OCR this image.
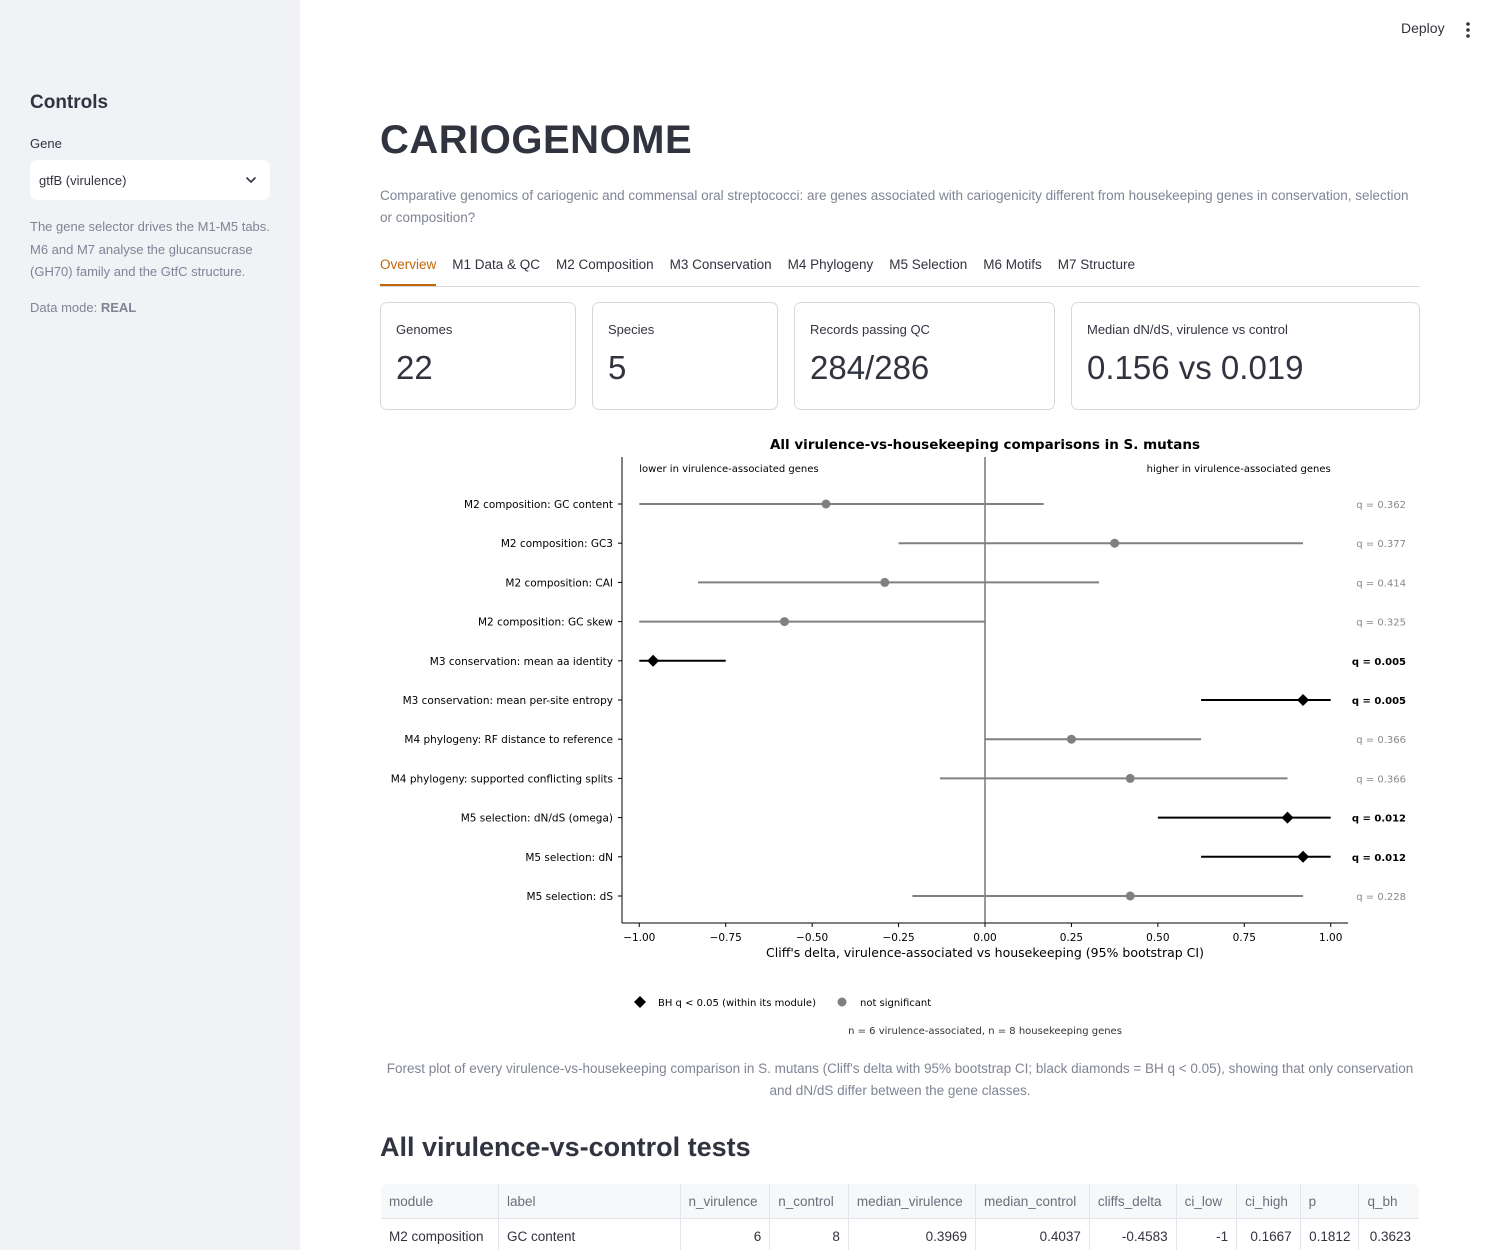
Controls
Gene
gtfB (virulence)
The gene selector drives the M1-M5 tabs. M6 and M7 analyse the glucansucrase (GH70) family and the GtfC structure.
Data mode: REAL
Deploy
CARIOGENOME
Comparative genomics of cariogenic and commensal oral streptococci: are genes associated with cariogenicity different from housekeeping genes in conservation, selection or composition?
Overview M1 Data & QC M2 Composition M3 Conservation M4 Phylogeny M5 Selection M6 Motifs M7 Structure
Genomes
22
Species
5
Records passing QC
284/286
Median dN/dS, virulence vs control
0.156 vs 0.019
All virulence-vs-housekeeping comparisons in S. mutans
lower in virulence-associated genes	higher in virulence-associated genes
−1.00	−0.75	−0.50	−0.25	0.00	0.25	0.50	0.75	1.00
Cliff's delta, virulence-associated vs housekeeping (95% bootstrap CI)
M2 composition: GC content	q = 0.362
M2 composition: GC3	q = 0.377
M2 composition: CAI	q = 0.414
M2 composition: GC skew	q = 0.325
M3 conservation: mean aa identity	q = 0.005
M3 conservation: mean per-site entropy	q = 0.005
M4 phylogeny: RF distance to reference	q = 0.366
M4 phylogeny: supported conflicting splits	q = 0.366
M5 selection: dN/dS (omega)	q = 0.012
M5 selection: dN	q = 0.012
M5 selection: dS	q = 0.228
BH q < 0.05 (within its module)	not significant
n = 6 virulence-associated, n = 8 housekeeping genes
Forest plot of every virulence-vs-housekeeping comparison in S. mutans (Cliff's delta with 95% bootstrap CI; black diamonds = BH q < 0.05), showing that only conservation and dN/dS differ between the gene classes.
All virulence-vs-control tests
module	label	n_virulence	n_control	median_virulence	median_control	cliffs_delta	ci_low	ci_high	p	q_bh
M2 composition	GC content	6	8	0.3969	0.4037	-0.4583	-1	0.1667	0.1812	0.3623
